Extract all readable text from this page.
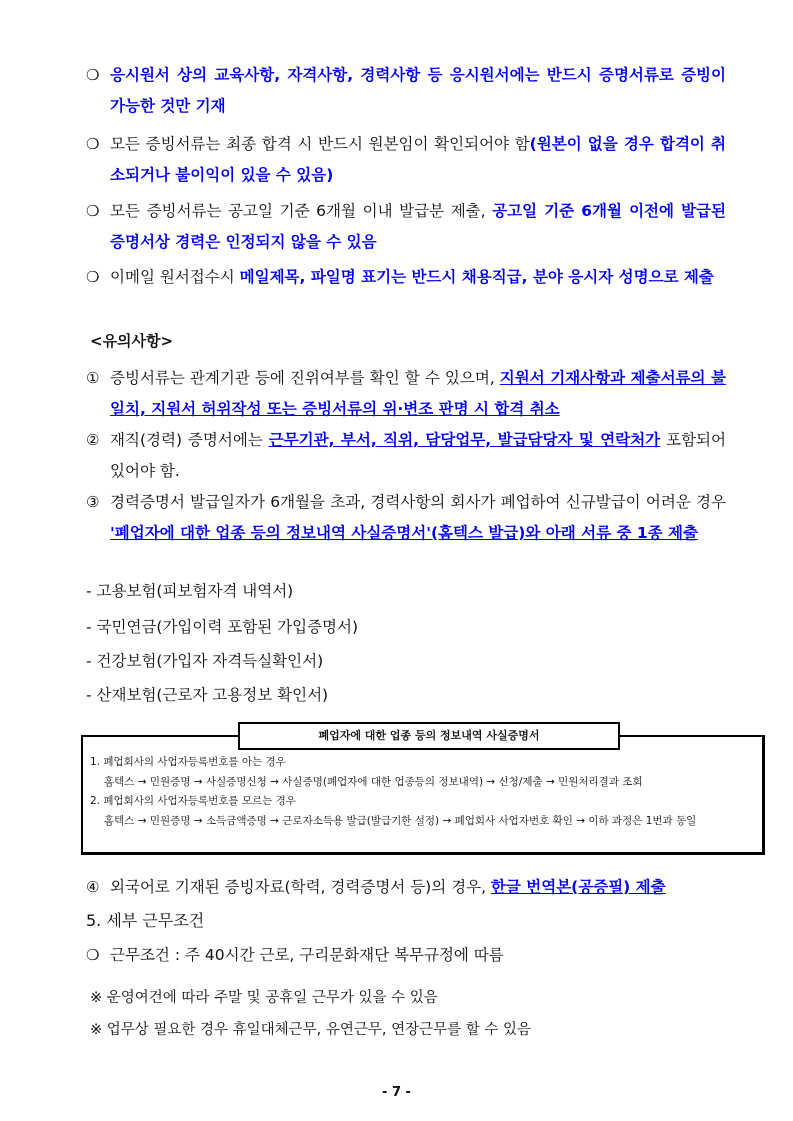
❍ 응시원서 상의 교육사항, 자격사항, 경력사항 등 응시원서에는 반드시 증명서류로 증빙이 가능한 것만 기재
❍ 모든 증빙서류는 최종 합격 시 반드시 원본임이 확인되어야 함(원본이 없을 경우 합격이 취소되거나 불이익이 있을 수 있음)
❍ 모든 증빙서류는 공고일 기준 6개월 이내 발급분 제출, 공고일 기준 6개월 이전에 발급된 증명서상 경력은 인정되지 않을 수 있음
❍ 이메일 원서접수시 메일제목, 파일명 표기는 반드시 채용직급, 분야 응시자 성명으로 제출
<유의사항>
① 증빙서류는 관계기관 등에 진위여부를 확인 할 수 있으며, 지원서 기재사항과 제출서류의 불일치, 지원서 허위작성 또는 증빙서류의 위·변조 판명 시 합격 취소
② 재직(경력) 증명서에는 근무기관, 부서, 직위, 담당업무, 발급담당자 및 연락처가 포함되어 있어야 함.
③ 경력증명서 발급일자가 6개월을 초과, 경력사항의 회사가 폐업하여 신규발급이 어려운 경우 '폐업자에 대한 업종 등의 정보내역 사실증명서'(홈텍스 발급)와 아래 서류 중 1종 제출
- 고용보험(피보험자격 내역서)
- 국민연금(가입이력 포함된 가입증명서)
- 건강보험(가입자 자격득실확인서)
- 산재보험(근로자 고용정보 확인서)
폐업자에 대한 업종 등의 정보내역 사실증명서

1. 폐업회사의 사업자등록번호를 아는 경우

홈텍스 → 민원증명 → 사실증명신청 → 사실증명(폐업자에 대한 업종등의 정보내역) → 신청/제출 → 민원처리결과 조회

2. 폐업회사의 사업자등록번호를 모르는 경우

홈텍스 → 민원증명 → 소득금액증명 → 근로자소득용 발급(발급기한 설정) → 폐업회사 사업자번호 확인 → 이하 과정은 1번과 동일

④ 외국어로 기재된 증빙자료(학력, 경력증명서 등)의 경우, 한글 번역본(공증필) 제출
5. 세부 근무조건
❍ 근무조건 : 주 40시간 근로, 구리문화재단 복무규정에 따름
※ 운영여건에 따라 주말 및 공휴일 근무가 있을 수 있음
※ 업무상 필요한 경우 휴일대체근무, 유연근무, 연장근무를 할 수 있음
- 7 -
